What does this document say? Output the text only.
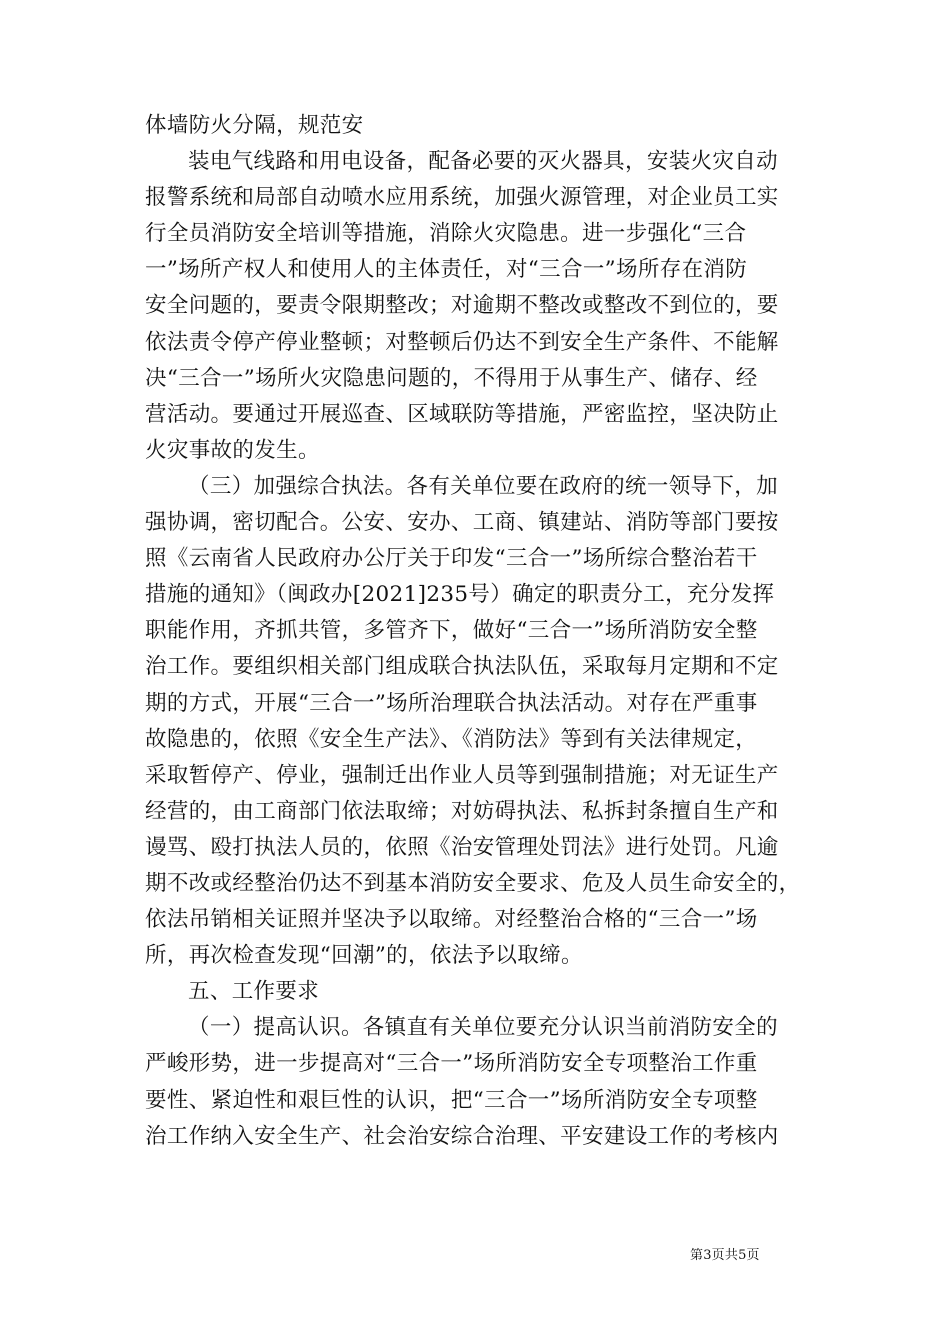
体墙防火分隔，规范安
装电气线路和用电设备，配备必要的灭火器具，安装火灾自动
报警系统和局部自动喷水应用系统，加强火源管理，对企业员工实
行全员消防安全培训等措施，消除火灾隐患。进一步强化“三合
一”场所产权人和使用人的主体责任，对“三合一”场所存在消防
安全问题的，要责令限期整改；对逾期不整改或整改不到位的，要
依法责令停产停业整顿；对整顿后仍达不到安全生产条件、不能解
决“三合一”场所火灾隐患问题的，不得用于从事生产、储存、经
营活动。要通过开展巡查、区域联防等措施，严密监控，坚决防止
火灾事故的发生。
（三）加强综合执法。各有关单位要在政府的统一领导下，加
强协调，密切配合。公安、安办、工商、镇建站、消防等部门要按
照《云南省人民政府办公厅关于印发“三合一”场所综合整治若干
措施的通知》（闽政办[2021]235号）确定的职责分工，充分发挥
职能作用，齐抓共管，多管齐下，做好“三合一”场所消防安全整
治工作。要组织相关部门组成联合执法队伍，采取每月定期和不定
期的方式，开展“三合一”场所治理联合执法活动。对存在严重事
故隐患的，依照《安全生产法》、《消防法》等到有关法律规定，
采取暂停产、停业，强制迁出作业人员等到强制措施；对无证生产
经营的，由工商部门依法取缔；对妨碍执法、私拆封条擅自生产和
谩骂、殴打执法人员的，依照《治安管理处罚法》进行处罚。凡逾
期不改或经整治仍达不到基本消防安全要求、危及人员生命安全的，
依法吊销相关证照并坚决予以取缔。对经整治合格的“三合一”场
所，再次检查发现“回潮”的，依法予以取缔。
五、工作要求
（一）提高认识。各镇直有关单位要充分认识当前消防安全的
严峻形势，进一步提高对“三合一”场所消防安全专项整治工作重
要性、紧迫性和艰巨性的认识，把“三合一”场所消防安全专项整
治工作纳入安全生产、社会治安综合治理、平安建设工作的考核内
第3页共5页
